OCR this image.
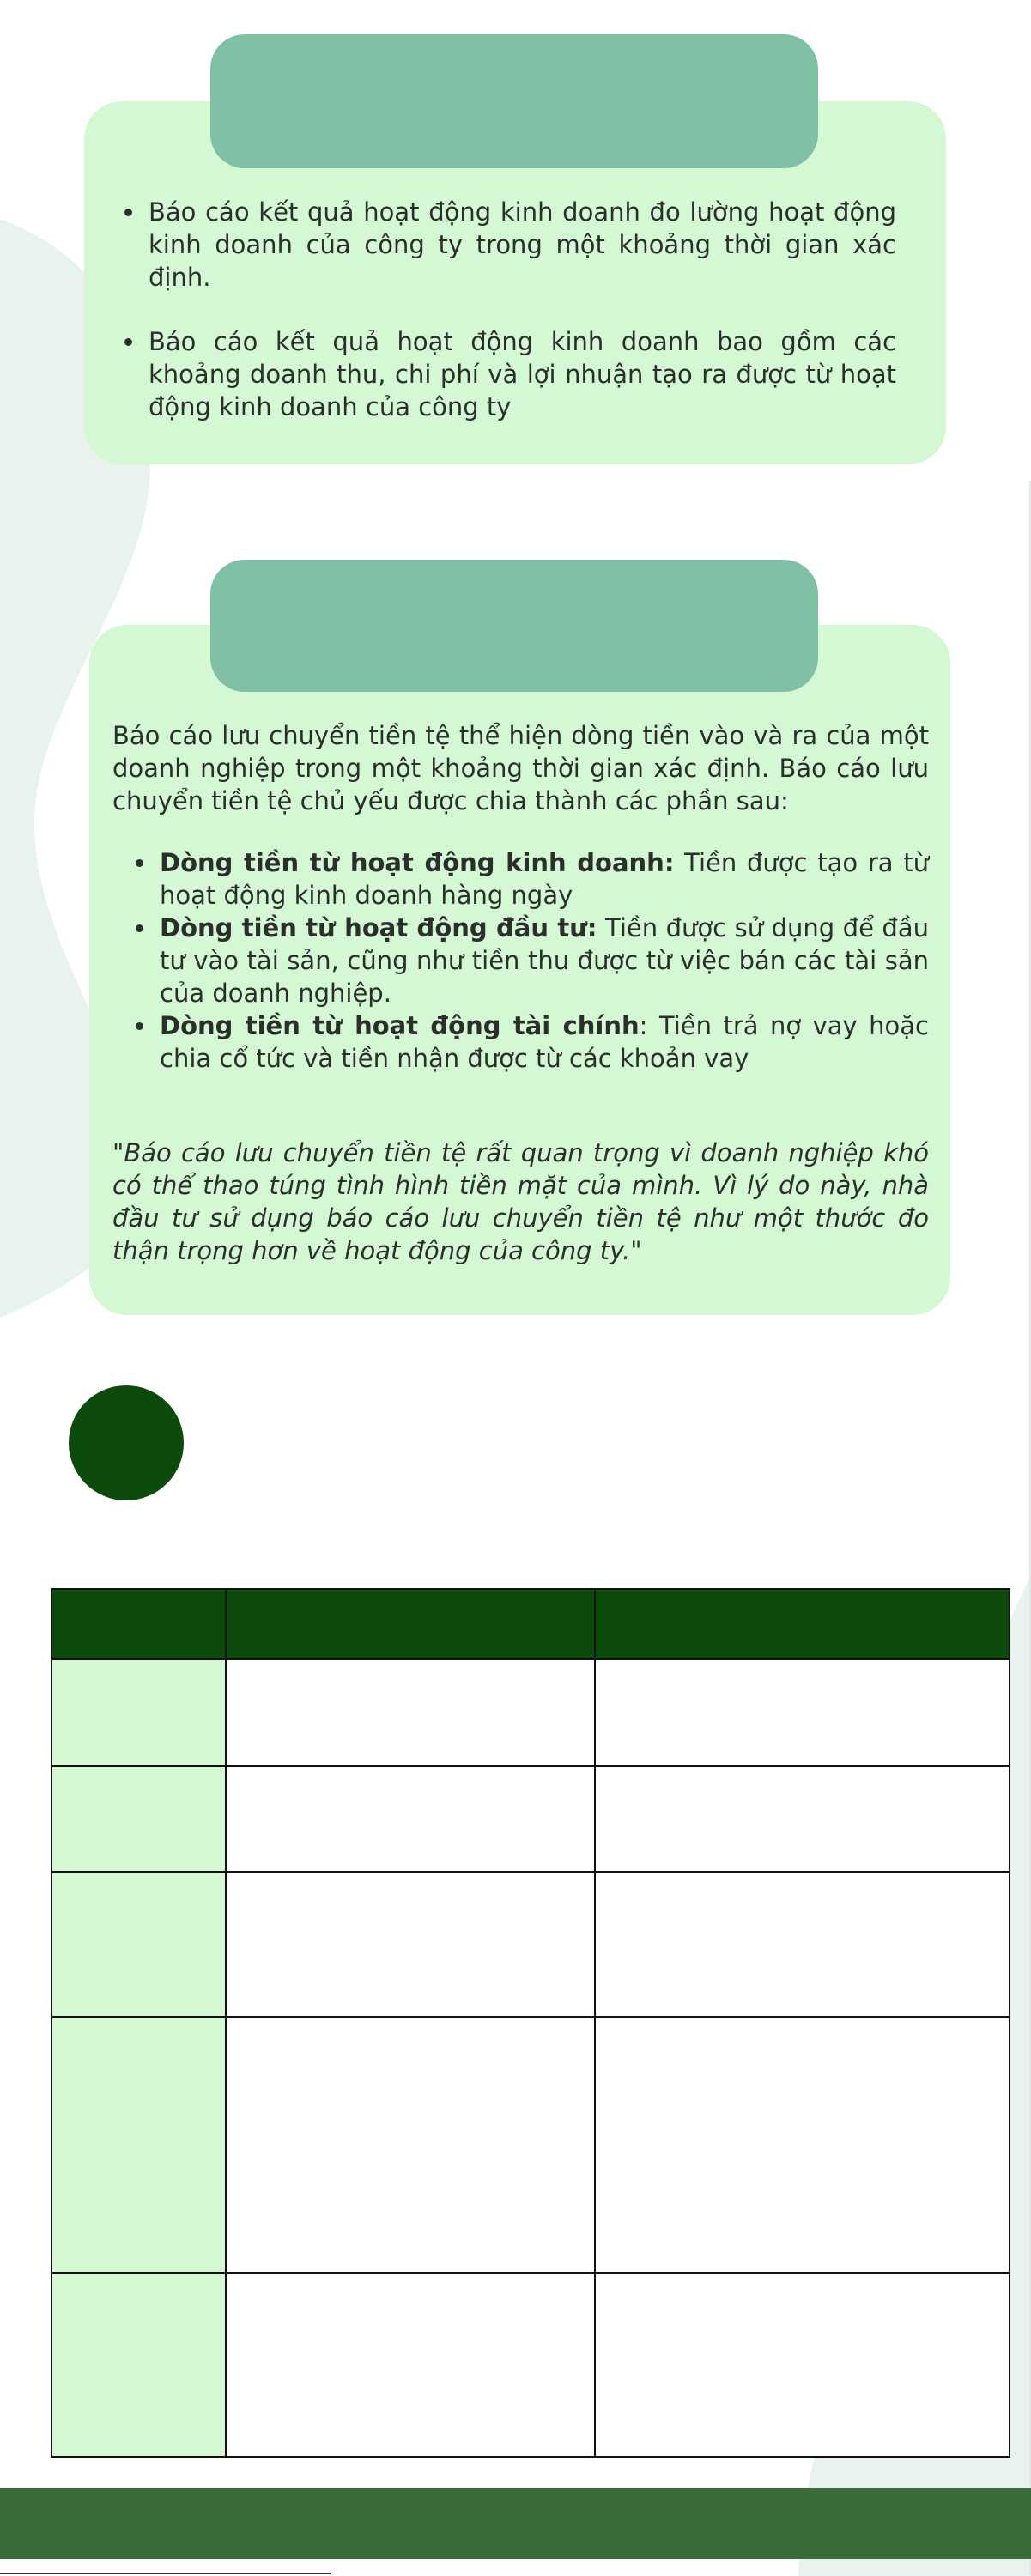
Báo cáo kết quả hoạt động kinh doanh đo lường hoạt động kinh doanh của công ty trong một khoảng thời gian xác định.
Báo cáo kết quả hoạt động kinh doanh bao gồm các khoảng doanh thu, chi phí và lợi nhuận tạo ra được từ hoạt động kinh doanh của công ty

Báo cáo lưu chuyển tiền tệ thể hiện dòng tiền vào và ra của một doanh nghiệp trong một khoảng thời gian xác định. Báo cáo lưu chuyển tiền tệ chủ yếu được chia thành các phần sau:

Dòng tiền từ hoạt động kinh doanh: Tiền được tạo ra từ hoạt động kinh doanh hàng ngày
Dòng tiền từ hoạt động đầu tư: Tiền được sử dụng để đầu tư vào tài sản, cũng như tiền thu được từ việc bán các tài sản của doanh nghiệp.
Dòng tiền từ hoạt động tài chính: Tiền trả nợ vay hoặc chia cổ tức và tiền nhận được từ các khoản vay

"Báo cáo lưu chuyển tiền tệ rất quan trọng vì doanh nghiệp khó có thể thao túng tình hình tiền mặt của mình. Vì lý do này, nhà đầu tư sử dụng báo cáo lưu chuyển tiền tệ như một thước đo thận trọng hơn về hoạt động của công ty."
